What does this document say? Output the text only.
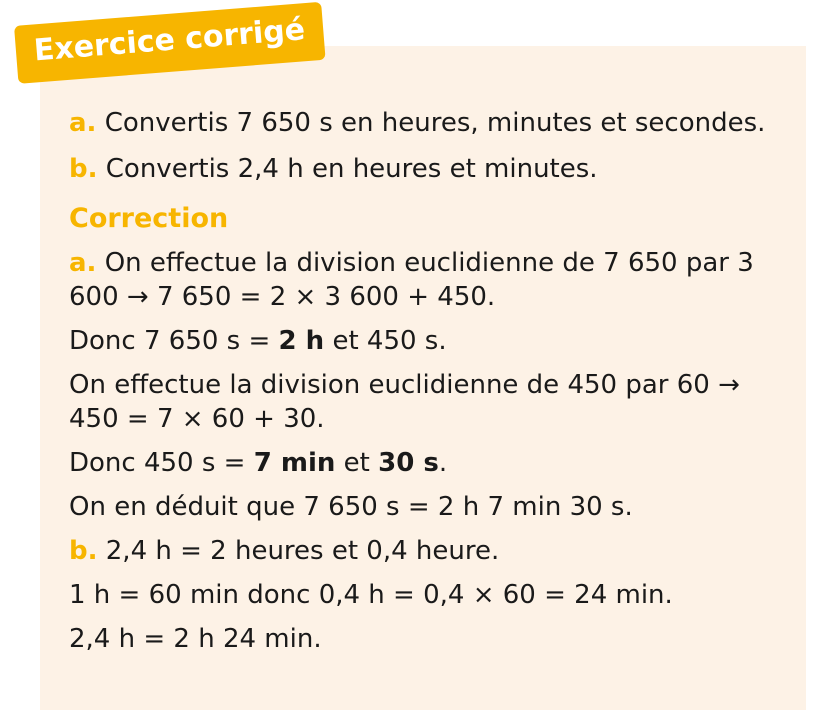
Exercice corrigé

a. Convertis 7 650 s en heures, minutes et secondes.

b. Convertis 2,4 h en heures et minutes.

Correction

a. On effectue la division euclidienne de 7 650 par 3 600 → 7 650 = 2 × 3 600 + 450.

Donc 7 650 s = 2 h et 450 s.

On effectue la division euclidienne de 450 par 60 → 450 = 7 × 60 + 30.

Donc 450 s = 7 min et 30 s.

On en déduit que 7 650 s = 2 h 7 min 30 s.

b. 2,4 h = 2 heures et 0,4 heure.

1 h = 60 min donc 0,4 h = 0,4 × 60 = 24 min.

2,4 h = 2 h 24 min.
